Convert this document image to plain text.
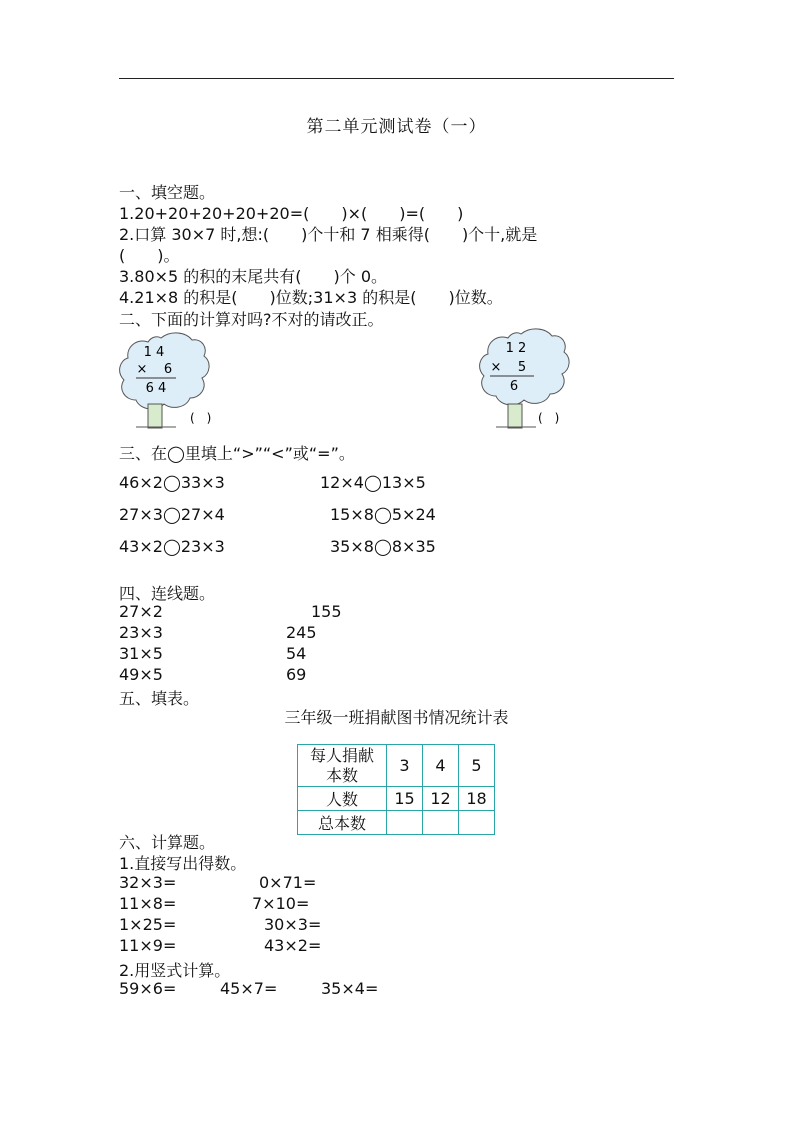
第二单元测试卷（一）
一、填空题。
1.20+20+20+20+20=(　　)×(　　)=(　　)
2.口算 30×7 时,想:(　　)个十和 7 相乘得(　　)个十,就是
(　　)。
3.80×5 的积的末尾共有(　　)个 0。
4.21×8 的积是(　　)位数;31×3 的积是(　　)位数。
二、下面的计算对吗?不对的请改正。
1 4
× 6
6 4
(　)
1 2
× 5
6
(　)
三、在◯里填上“>”“<”或“=”。
46×2◯33×3	12×4◯13×5
27×3◯27×4	15×8◯5×24
43×2◯23×3	35×8◯8×35
四、连线题。
27×2
23×3
31×5
49×5
155
245
54
69
五、填表。
三年级一班捐献图书情况统计表
每人捐献
本数	3	4	5
人数	15	12	18
总本数			
六、计算题。
1.直接写出得数。
32×3=	0×71=
11×8=	7×10=
1×25=	30×3=
11×9=	43×2=
2.用竖式计算。
59×6=	45×7=	35×4=
